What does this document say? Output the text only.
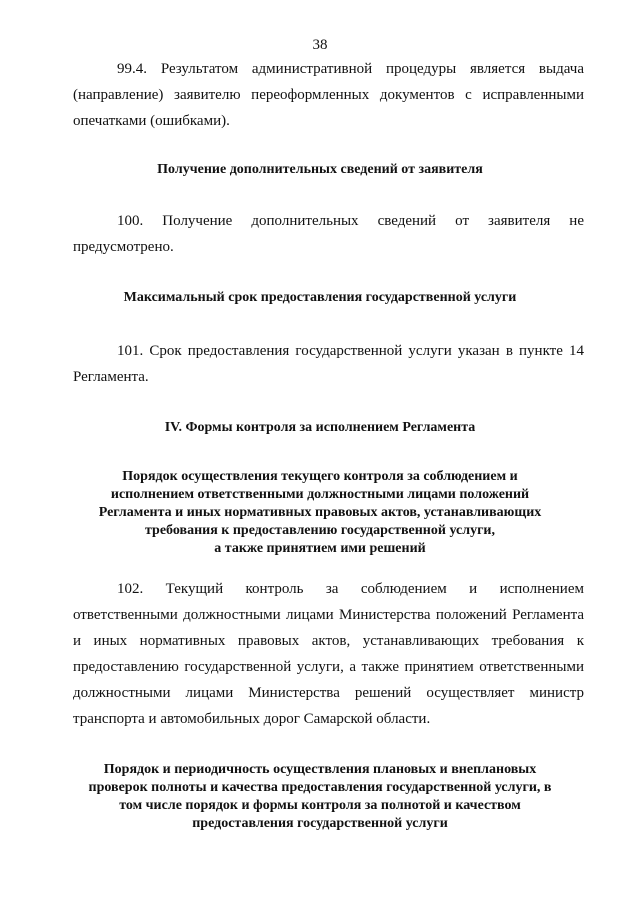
38
99.4. Результатом административной процедуры является выдача
(направление) заявителю переоформленных документов с исправленными
опечатками (ошибками).
Получение дополнительных сведений от заявителя
100. Получение дополнительных сведений от заявителя не
предусмотрено.
Максимальный срок предоставления государственной услуги
101. Срок предоставления государственной услуги указан в пункте 14
Регламента.
IV. Формы контроля за исполнением Регламента
Порядок осуществления текущего контроля за соблюдением и
исполнением ответственными должностными лицами положений
Регламента и иных нормативных правовых актов, устанавливающих
требования к предоставлению государственной услуги,
а также принятием ими решений
102. Текущий контроль за соблюдением и исполнением
ответственными должностными лицами Министерства положений Регламента
и иных нормативных правовых актов, устанавливающих требования к
предоставлению государственной услуги, а также принятием ответственными
должностными лицами Министерства решений осуществляет министр
транспорта и автомобильных дорог Самарской области.
Порядок и периодичность осуществления плановых и внеплановых
проверок полноты и качества предоставления государственной услуги, в
том числе порядок и формы контроля за полнотой и качеством
предоставления государственной услуги
